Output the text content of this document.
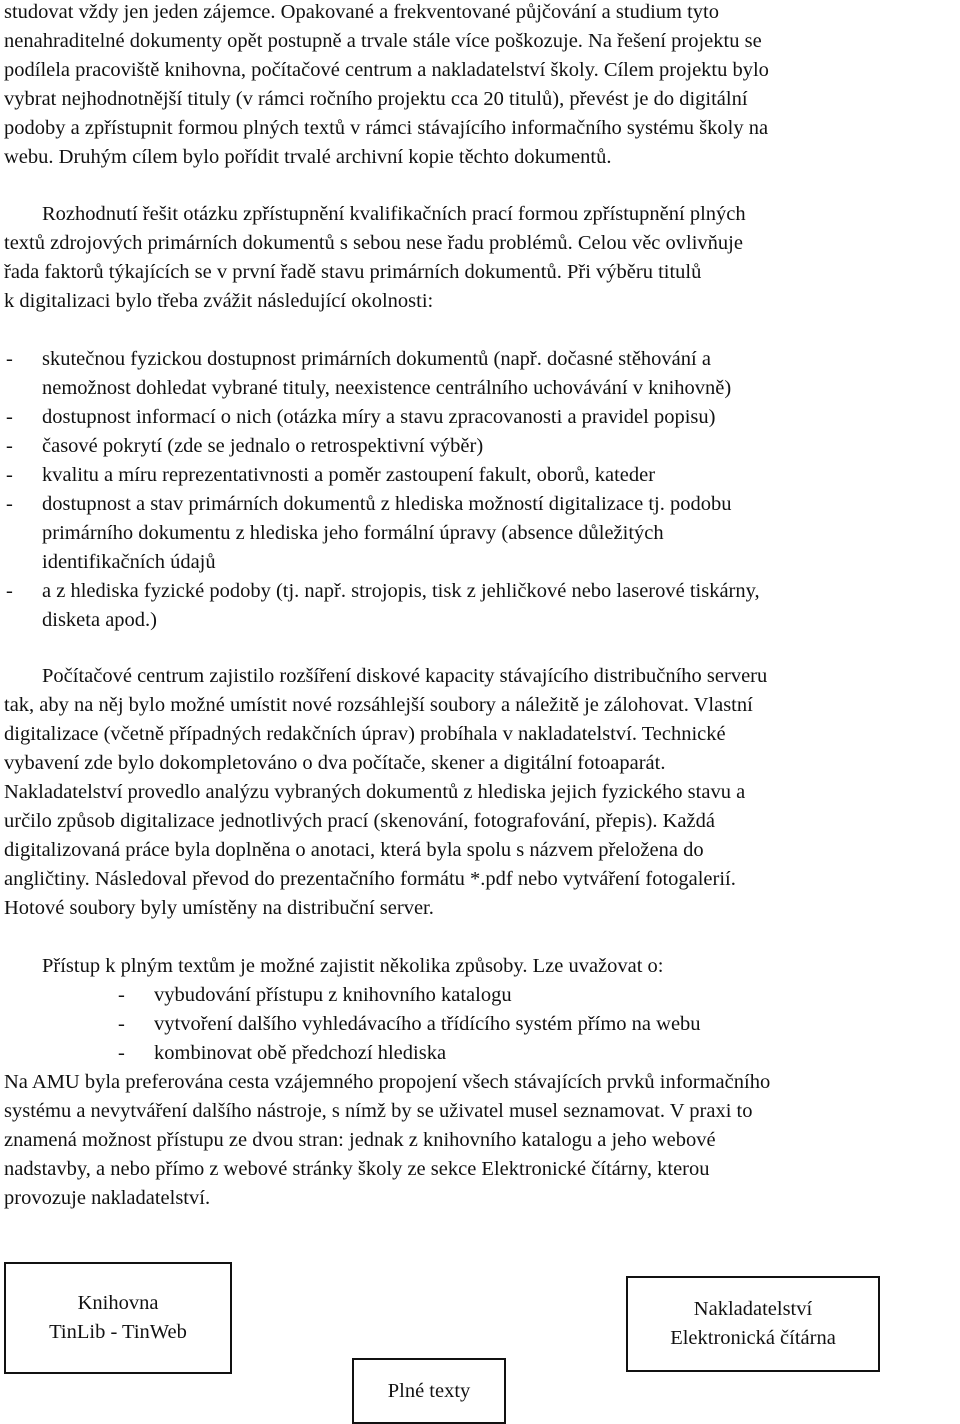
studovat vždy jen jeden zájemce. Opakované a frekventované půjčování a studium tyto
nenahraditelné dokumenty opět postupně a trvale stále více poškozuje. Na řešení projektu se
podílela pracoviště knihovna, počítačové centrum a nakladatelství školy. Cílem projektu bylo
vybrat nejhodnotnější tituly (v rámci ročního projektu cca 20 titulů), převést je do digitální
podoby a zpřístupnit formou plných textů v rámci stávajícího informačního systému školy na
webu. Druhým cílem bylo pořídit trvalé archivní kopie těchto dokumentů.
Rozhodnutí řešit otázku zpřístupnění kvalifikačních prací formou zpřístupnění plných
textů zdrojových primárních dokumentů s sebou nese řadu problémů. Celou věc ovlivňuje
řada faktorů týkajících se v první řadě stavu primárních dokumentů. Při výběru titulů
k digitalizaci bylo třeba zvážit následující okolnosti:
- skutečnou fyzickou dostupnost primárních dokumentů (např. dočasné stěhování a
nemožnost dohledat vybrané tituly, neexistence centrálního uchovávání v knihovně)
- dostupnost informací o nich (otázka míry a stavu zpracovanosti a pravidel popisu)
- časové pokrytí (zde se jednalo o retrospektivní výběr)
- kvalitu a míru reprezentativnosti a poměr zastoupení fakult, oborů, kateder
- dostupnost a stav primárních dokumentů z hlediska možností digitalizace tj. podobu
primárního dokumentu z hlediska jeho formální úpravy (absence důležitých
identifikačních údajů
- a z hlediska fyzické podoby (tj. např. strojopis, tisk z jehličkové nebo laserové tiskárny,
disketa apod.)
Počítačové centrum zajistilo rozšíření diskové kapacity stávajícího distribučního serveru
tak, aby na něj bylo možné umístit nové rozsáhlejší soubory a náležitě je zálohovat. Vlastní
digitalizace (včetně případných redakčních úprav) probíhala v nakladatelství. Technické
vybavení zde bylo dokompletováno o dva počítače, skener a digitální fotoaparát.
Nakladatelství provedlo analýzu vybraných dokumentů z hlediska jejich fyzického stavu a
určilo způsob digitalizace jednotlivých prací (skenování, fotografování, přepis). Každá
digitalizovaná práce byla doplněna o anotaci, která byla spolu s názvem přeložena do
angličtiny. Následoval převod do prezentačního formátu *.pdf nebo vytváření fotogalerií.
Hotové soubory byly umístěny na distribuční server.
Přístup k plným textům je možné zajistit několika způsoby. Lze uvažovat o:
- vybudování přístupu z knihovního katalogu
- vytvoření dalšího vyhledávacího a třídícího systém přímo na webu
- kombinovat obě předchozí hlediska
Na AMU byla preferována cesta vzájemného propojení všech stávajících prvků informačního
systému a nevytváření dalšího nástroje, s nímž by se uživatel musel seznamovat. V praxi to
znamená možnost přístupu ze dvou stran: jednak z knihovního katalogu a jeho webové
nadstavby, a nebo přímo z webové stránky školy ze sekce Elektronické čítárny, kterou
provozuje nakladatelství.
Knihovna
TinLib - TinWeb
Nakladatelství
Elektronická čítárna
Plné texty
